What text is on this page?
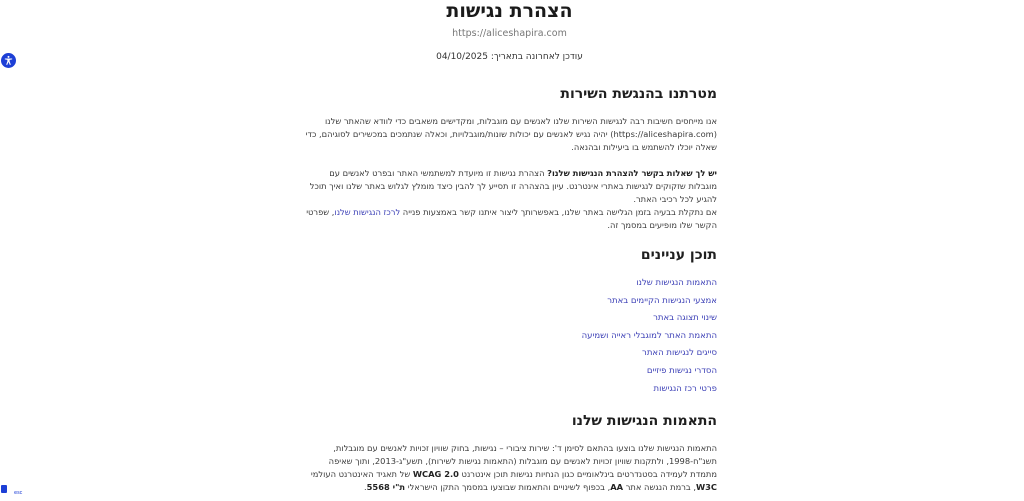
esc
הצהרת נגישות
https://aliceshapira.com
עודכן לאחרונה בתאריך: 04/10/2025
מטרתנו בהנגשת השירות

אנו מייחסים חשיבות רבה לנגישות השירות שלנו לאנשים עם מוגבלות, ומקדישים משאבים כדי לוודא שהאתר שלנו (https://aliceshapira.com) יהיה נגיש לאנשים עם יכולות שונות/מוגבלויות, וכאלה שנתמכים במכשירים לסוגיהם, כדי שאלה יוכלו להשתמש בו ביעילות ובהנאה.

יש לך שאלות בקשר להצהרת הנגישות שלנו? הצהרת נגישות זו מיועדת למשתמשי האתר ובפרט לאנשים עם מוגבלות שזקוקים לנגישות באתרי אינטרנט. עיון בהצהרה זו תסייע לך להבין כיצד מומלץ לגלוש באתר שלנו ואיך תוכל להגיע לכל רכיבי האתר.

אם נתקלת בבעיה בזמן הגלישה באתר שלנו, באפשרותך ליצור איתנו קשר באמצעות פנייה לרכז הנגישות שלנו, שפרטי הקשר שלו מופיעים במסמך זה.

תוכן עניינים
התאמות הנגישות שלנו
אמצעי הנגישות הקיימים באתר
שינוי תצוגה באתר
התאמת האתר למוגבלי ראייה ושמיעה
סייגים לנגישות האתר
הסדרי נגישות פיזיים
פרטי רכז הנגישות
התאמות הנגישות שלנו

התאמות הנגישות שלנו בוצעו בהתאם לסימן ד': שירות ציבורי – נגישות, בחוק שוויון זכויות לאנשים עם מוגבלות, תשנ"ח-1998, ולתקנות שוויון זכויות לאנשים עם מוגבלות (התאמות נגישות לשירות), תשע"ג-2013, ותוך שאיפה מתמדת לעמידה בסטנדרטים בינלאומיים כגון הנחיות נגישות תוכן אינטרנט WCAG 2.0 של תאגיד האינטרנט העולמי W3C, ברמת הנגשה אתר AA, בכפוף לשינויים והתאמות שבוצעו במסמך התקן הישראלי ת"י 5568.
